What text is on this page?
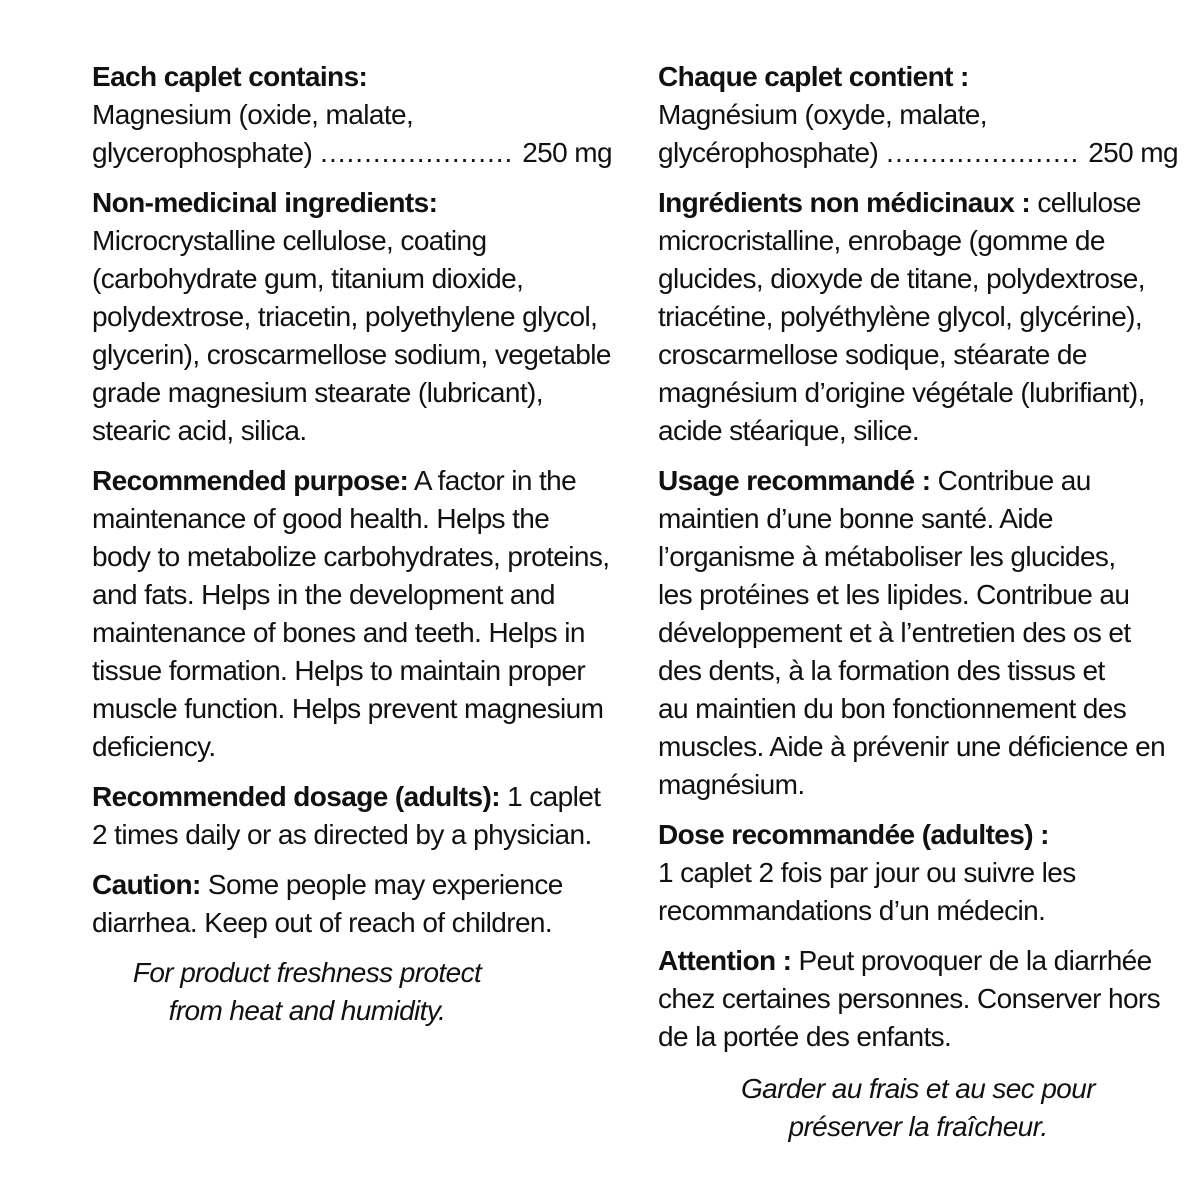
Each caplet contains:
Magnesium (oxide, malate,
glycerophosphate) .....	250 mg

Non-medicinal ingredients:
Microcrystalline cellulose, coating
(carbohydrate gum, titanium dioxide,
polydextrose, triacetin, polyethylene glycol,
glycerin), croscarmellose sodium, vegetable
grade magnesium stearate (lubricant),
stearic acid, silica.

Recommended purpose: A factor in the
maintenance of good health. Helps the
body to metabolize carbohydrates, proteins,
and fats. Helps in the development and
maintenance of bones and teeth. Helps in
tissue formation. Helps to maintain proper
muscle function. Helps prevent magnesium
deficiency.

Recommended dosage (adults): 1 caplet
2 times daily or as directed by a physician.

Caution: Some people may experience
diarrhea. Keep out of reach of children.

For product freshness protect
from heat and humidity.

Chaque caplet contient :
Magnésium (oxyde, malate,
glycérophosphate) .....	250 mg

Ingrédients non médicinaux : cellulose
microcristalline, enrobage (gomme de
glucides, dioxyde de titane, polydextrose,
triacétine, polyéthylène glycol, glycérine),
croscarmellose sodique, stéarate de
magnésium d’origine végétale (lubrifiant),
acide stéarique, silice.

Usage recommandé : Contribue au
maintien d’une bonne santé. Aide
l’organisme à métaboliser les glucides,
les protéines et les lipides. Contribue au
développement et à l’entretien des os et
des dents, à la formation des tissus et
au maintien du bon fonctionnement des
muscles. Aide à prévenir une déficience en
magnésium.

Dose recommandée (adultes) :
1 caplet 2 fois par jour ou suivre les
recommandations d’un médecin.

Attention : Peut provoquer de la diarrhée
chez certaines personnes. Conserver hors
de la portée des enfants.

Garder au frais et au sec pour
préserver la fraîcheur.
